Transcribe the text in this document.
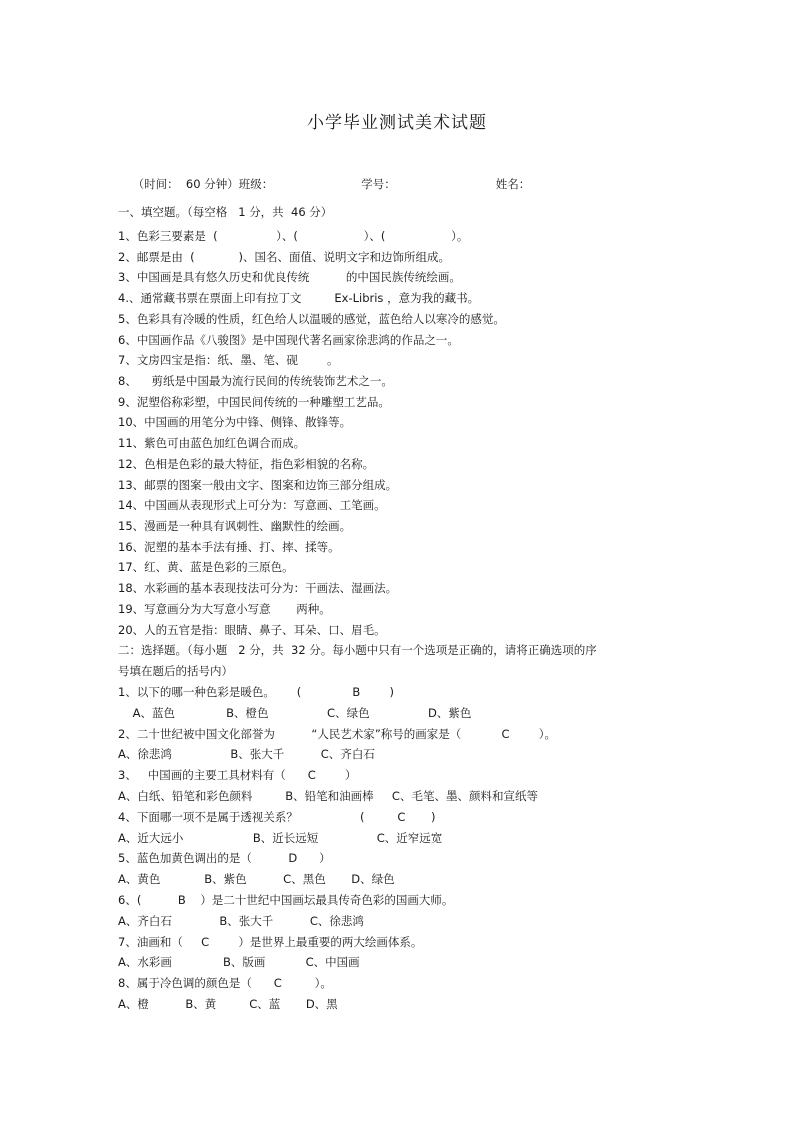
小学毕业测试美术试题

（时间：  60 分钟）班级：	学号：	姓名：

一、填空题。（每空格   1 分，共  46 分）
1、色彩三要素是  (                ）、(                  ）、(                  ）。
2、邮票是由  (            )、国名、面值、说明文字和边饰所组成。
3、中国画是具有悠久历史和优良传统          的中国民族传统绘画。
4.、通常藏书票在票面上印有拉丁文         Ex-Libris ，意为我的藏书。
5、色彩具有冷暖的性质，红色给人以温暖的感觉，蓝色给人以寒冷的感觉。
6、中国画作品《八骏图》是中国现代著名画家徐悲鸿的作品之一。
7、文房四宝是指：纸、墨、笔、砚        。
8、    剪纸是中国最为流行民间的传统装饰艺术之一。
9、泥塑俗称彩塑，中国民间传统的一种雕塑工艺品。
10、中国画的用笔分为中锋、侧锋、散锋等。
11、紫色可由蓝色加红色调合而成。
12、色相是色彩的最大特征，指色彩相貌的名称。
13、邮票的图案一般由文字、图案和边饰三部分组成。
14、中国画从表现形式上可分为：写意画、工笔画。
15、漫画是一种具有讽刺性、幽默性的绘画。
16、泥塑的基本手法有捶、打、摔、揉等。
17、红、黄、蓝是色彩的三原色。
18、水彩画的基本表现技法可分为：干画法、湿画法。
19、写意画分为大写意小写意       两种。
20、人的五官是指：眼睛、鼻子、耳朵、口、眉毛。
二：选择题。（每小题   2 分，共  32 分。每小题中只有一个选项是正确的，请将正确选项的序
号填在题后的括号内）
1、以下的哪一种色彩是暖色。      (              B        )
A、蓝色              B、橙色                C、绿色                D、紫色
2、二十世纪被中国文化部誉为          “人民艺术家”称号的画家是（           C        ）。
A、徐悲鸿                B、张大千          C、齐白石
3、   中国画的主要工具材料有（      C        ）
A、白纸、铅笔和彩色颜料         B、铅笔和油画棒     C、毛笔、墨、颜料和宣纸等
4、下面哪一项不是属于透视关系？                 (         C       )
A、近大远小                   B、近长远短                C、近窄远宽
5、蓝色加黄色调出的是（          D      ）
A、黄色            B、紫色          C、黑色       D、绿色
6、(          B    ）是二十世纪中国画坛最具传奇色彩的国画大师。
A、齐白石             B、张大千          C、徐悲鸿
7、油画和（     C        ）是世界上最重要的两大绘画体系。
A、水彩画              B、版画           C、中国画
8、属于冷色调的颜色是（      C         ）。
A、橙          B、黄         C、蓝       D、黑
